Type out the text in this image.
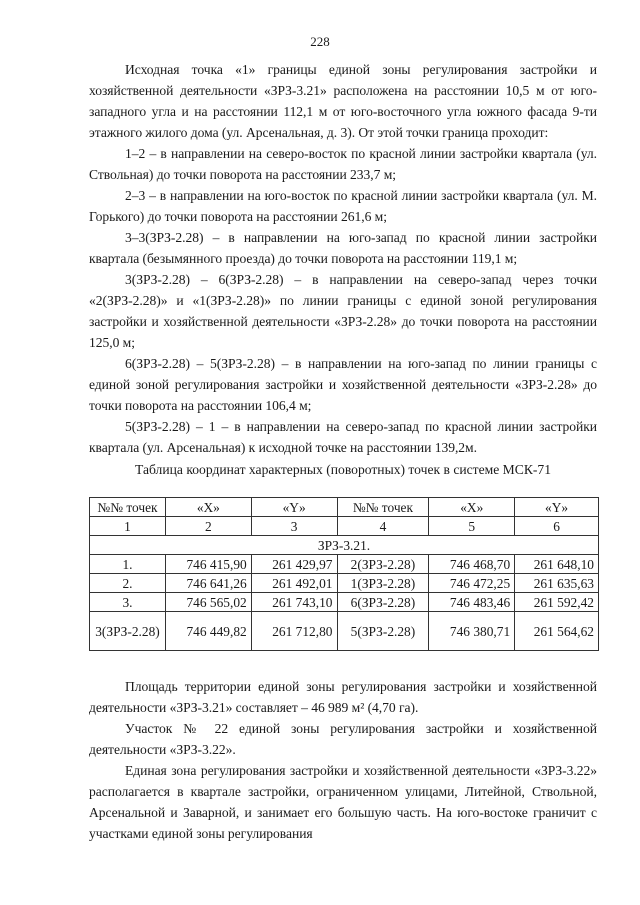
228

Исходная точка «1» границы единой зоны регулирования застройки и хозяйственной деятельности «ЗРЗ-3.21» расположена на расстоянии 10,5 м от юго-западного угла и на расстоянии 112,1 м от юго-восточного угла южного фасада 9-ти этажного жилого дома (ул. Арсенальная, д. 3). От этой точки граница проходит:

1–2 – в направлении на северо-восток по красной линии застройки квартала (ул. Ствольная) до точки поворота на расстоянии 233,7 м;

2–3 – в направлении на юго-восток по красной линии застройки квартала (ул. М. Горького) до точки поворота на расстоянии 261,6 м;

3–3(ЗРЗ-2.28) – в направлении на юго-запад по красной линии застройки квартала (безымянного проезда) до точки поворота на расстоянии 119,1 м;

3(ЗРЗ-2.28) – 6(ЗРЗ-2.28) – в направлении на северо-запад через точки «2(ЗРЗ-2.28)» и «1(ЗРЗ-2.28)» по линии границы с единой зоной регулирования застройки и хозяйственной деятельности «ЗРЗ-2.28» до точки поворота на расстоянии 125,0 м;

6(ЗРЗ-2.28) – 5(ЗРЗ-2.28) – в направлении на юго-запад по линии границы с единой зоной регулирования застройки и хозяйственной деятельности «ЗРЗ-2.28» до точки поворота на расстоянии 106,4 м;

5(ЗРЗ-2.28) – 1 – в направлении на северо-запад по красной линии застройки квартала (ул. Арсенальная) к исходной точке на расстоянии 139,2м.

Таблица координат характерных (поворотных) точек в системе МСК-71
№№ точек	«X»	«Y»	№№ точек	«X»	«Y»
1	2	3	4	5	6
ЗРЗ-3.21.					
1.	746 415,90	261 429,97	2(ЗРЗ-2.28)	746 468,70	261 648,10
2.	746 641,26	261 492,01	1(ЗРЗ-2.28)	746 472,25	261 635,63
3.	746 565,02	261 743,10	6(ЗРЗ-2.28)	746 483,46	261 592,42
3(ЗРЗ-2.28)	746 449,82	261 712,80	5(ЗРЗ-2.28)	746 380,71	261 564,62

Площадь территории единой зоны регулирования застройки и хозяйственной деятельности «ЗРЗ-3.21» составляет – 46 989 м² (4,70 га).

Участок № 22 единой зоны регулирования застройки и хозяйственной деятельности «ЗРЗ-3.22».

Единая зона регулирования застройки и хозяйственной деятельности «ЗРЗ-3.22» располагается в квартале застройки, ограниченном улицами, Литейной, Ствольной, Арсенальной и Заварной, и занимает его большую часть. На юго-востоке граничит с участками единой зоны регулирования
